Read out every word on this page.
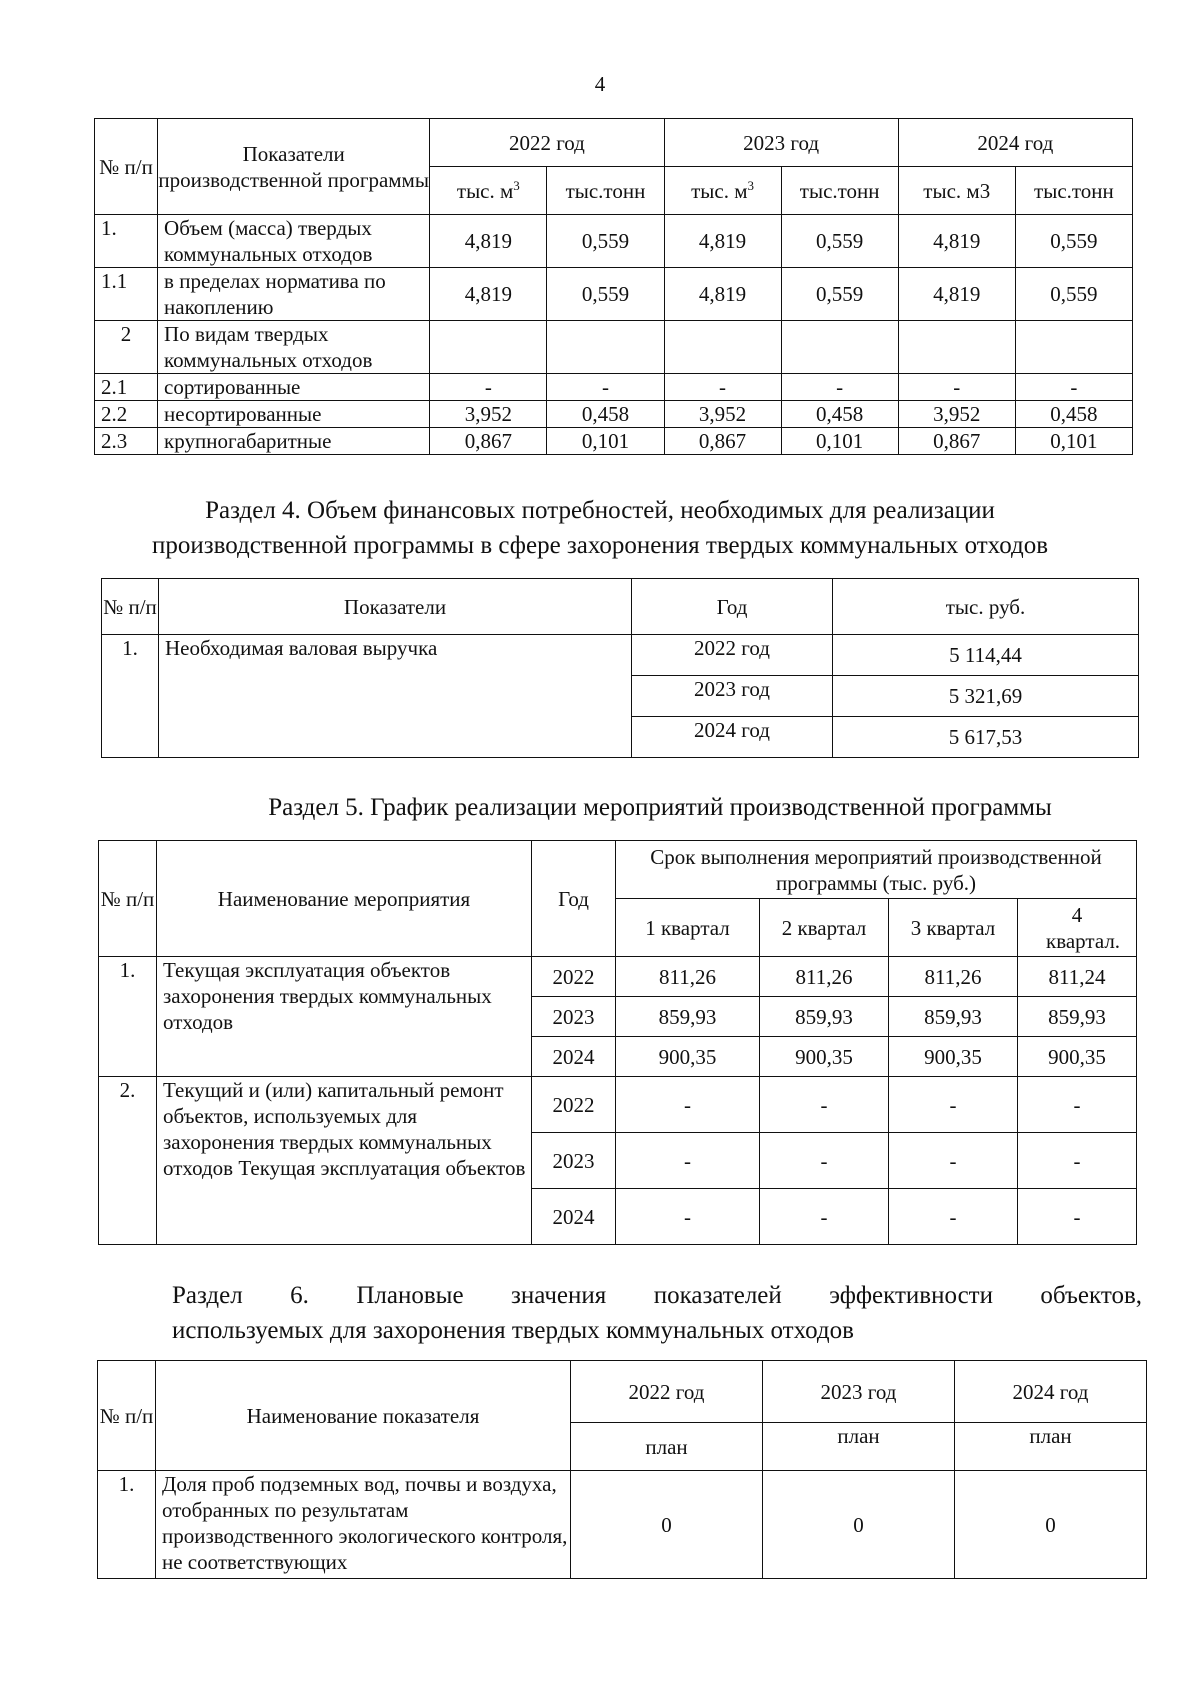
4
№ п/п	Показатели производственной программы	2022 год		2023 год		2024 год	
		тыс. $м^3$	тыс.тонн	тыс. $м^3$	тыс.тонн	тыс. м3	тыс.тонн
1.	Объем (масса) твердых коммунальных отходов	4,819	0,559	4,819	0,559	4,819	0,559
1.1	в пределах норматива по накоплению	4,819	0,559	4,819	0,559	4,819	0,559
2	По видам твердых коммунальных отходов						
2.1	сортированные	-	-	-	-	-	-
2.2	несортированные	3,952	0,458	3,952	0,458	3,952	0,458
2.3	крупногабаритные	0,867	0,101	0,867	0,101	0,867	0,101
Раздел 4. Объем финансовых потребностей, необходимых для реализации
производственной программы в сфере захоронения твердых коммунальных отходов
№ п/п	Показатели	Год	тыс. руб.
1.	Необходимая валовая выручка	2022 год	5 114,44
		2023 год	5 321,69
		2024 год	5 617,53
Раздел 5. График реализации мероприятий производственной программы
№ п/п	Наименование мероприятия	Год	Срок выполнения мероприятий производственной программы (тыс. руб.)			
			1 квартал	2 квартал	3 квартал	4 квартал.
1.	Текущая эксплуатация объектов захоронения твердых коммунальных отходов	2022	811,26	811,26	811,26	811,24
		2023	859,93	859,93	859,93	859,93
		2024	900,35	900,35	900,35	900,35
2.	Текущий и (или) капитальный ремонт объектов, используемых для захоронения твердых коммунальных отходов Текущая эксплуатация объектов	2022	-	-	-	-
		2023	-	-	-	-
		2024	-	-	-	-
Раздел 6. Плановые значения показателей эффективности объектов,
используемых для захоронения твердых коммунальных отходов
№ п/п	Наименование показателя	2022 год	2023 год	2024 год
		план	план	план
1.	Доля проб подземных вод, почвы и воздуха, отобранных по результатам производственного экологического контроля, не соответствующих	0	0	0
